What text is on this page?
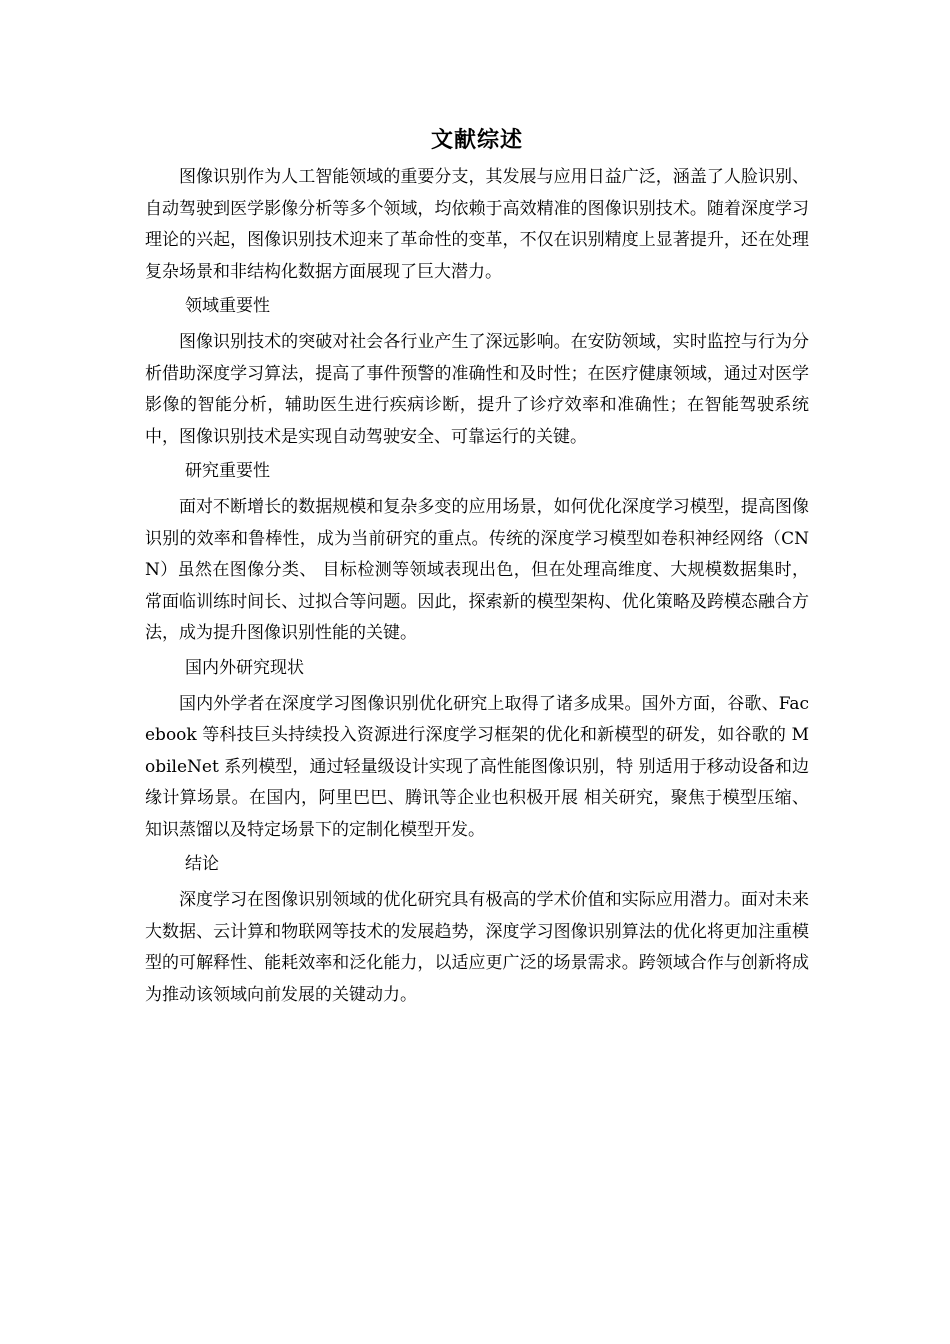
文献综述

图像识别作为人工智能领域的重要分支，其发展与应用日益广泛，涵盖了人脸识别、自动驾驶到医学影像分析等多个领域，均依赖于高效精准的图像识别技术。随着深度学习理论的兴起，图像识别技术迎来了革命性的变革，不仅在识别精度上显著提升，还在处理复杂场景和非结构化数据方面展现了巨大潜力。

领域重要性

图像识别技术的突破对社会各行业产生了深远影响。在安防领域，实时监控与行为分析借助深度学习算法，提高了事件预警的准确性和及时性；在医疗健康领域，通过对医学影像的智能分析，辅助医生进行疾病诊断，提升了诊疗效率和准确性；在智能驾驶系统中，图像识别技术是实现自动驾驶安全、可靠运行的关键。

研究重要性

面对不断增长的数据规模和复杂多变的应用场景，如何优化深度学习模型，提高图像识别的效率和鲁棒性，成为当前研究的重点。传统的深度学习模型如卷积神经网络（CNN）虽然在图像分类、 目标检测等领域表现出色，但在处理高维度、大规模数据集时，常面临训练时间长、过拟合等问题。因此，探索新的模型架构、优化策略及跨模态融合方法，成为提升图像识别性能的关键。

国内外研究现状

国内外学者在深度学习图像识别优化研究上取得了诸多成果。国外方面，谷歌、Facebook 等科技巨头持续投入资源进行深度学习框架的优化和新模型的研发，如谷歌的 MobileNet 系列模型，通过轻量级设计实现了高性能图像识别，特 别适用于移动设备和边缘计算场景。在国内，阿里巴巴、腾讯等企业也积极开展 相关研究，聚焦于模型压缩、知识蒸馏以及特定场景下的定制化模型开发。

结论

深度学习在图像识别领域的优化研究具有极高的学术价值和实际应用潜力。面对未来大数据、云计算和物联网等技术的发展趋势，深度学习图像识别算法的优化将更加注重模型的可解释性、能耗效率和泛化能力，以适应更广泛的场景需求。跨领域合作与创新将成为推动该领域向前发展的关键动力。
